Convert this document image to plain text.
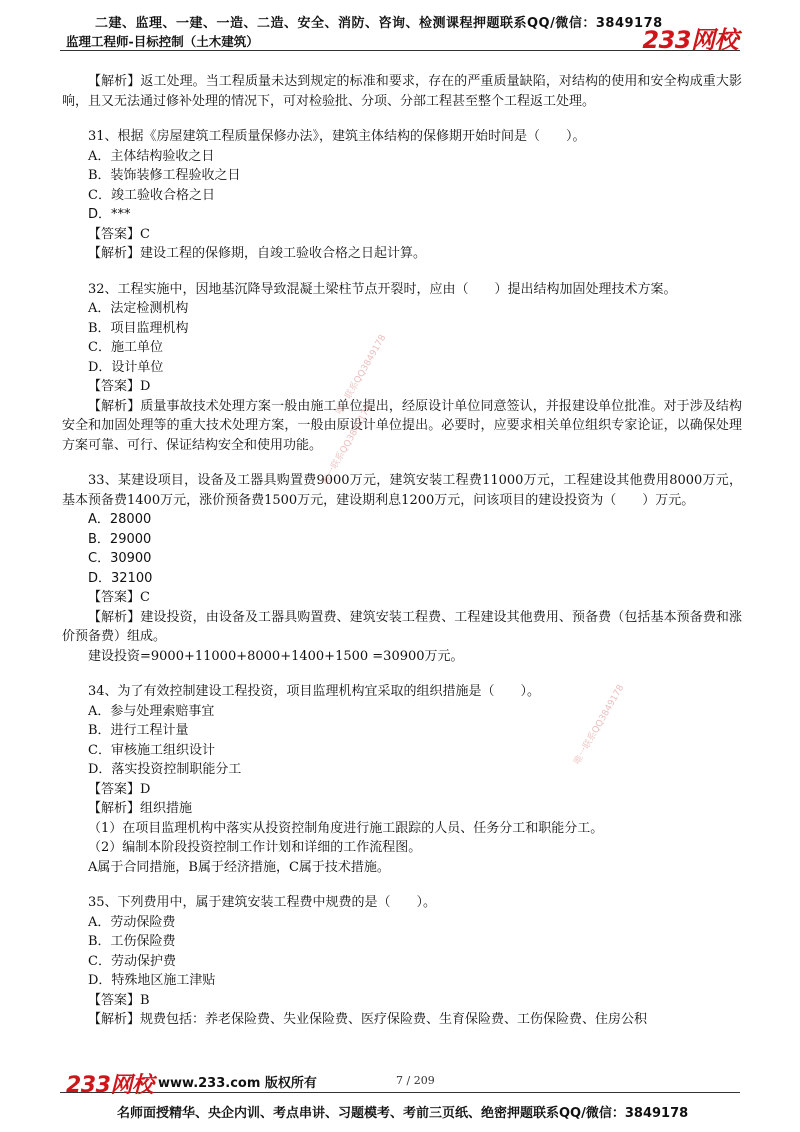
二建、监理、一建、一造、二造、安全、消防、咨询、检测课程押题联系QQ/微信：3849178
监理工程师-目标控制（土木建筑）	233网校
【解析】返工处理。当工程质量未达到规定的标准和要求，存在的严重质量缺陷，对结构的使用和安全构成重大影响，且又无法通过修补处理的情况下，可对检验批、分项、分部工程甚至整个工程返工处理。
31、根据《房屋建筑工程质量保修办法》，建筑主体结构的保修期开始时间是（　　）。
A．主体结构验收之日
B．装饰装修工程验收之日
C．竣工验收合格之日
D．***
【答案】C
【解析】建设工程的保修期，自竣工验收合格之日起计算。
32、工程实施中，因地基沉降导致混凝土梁柱节点开裂时，应由（　　）提出结构加固处理技术方案。
A．法定检测机构
B．项目监理机构
C．施工单位
D．设计单位
【答案】D
【解析】质量事故技术处理方案一般由施工单位提出，经原设计单位同意签认，并报建设单位批准。对于涉及结构安全和加固处理等的重大技术处理方案，一般由原设计单位提出。必要时，应要求相关单位组织专家论证，以确保处理方案可靠、可行、保证结构安全和使用功能。
33、某建设项目，设备及工器具购置费9000万元，建筑安装工程费11000万元，工程建设其他费用8000万元，基本预备费1400万元，涨价预备费1500万元，建设期利息1200万元，问该项目的建设投资为（　　）万元。
A．28000
B．29000
C．30900
D．32100
【答案】C
【解析】建设投资，由设备及工器具购置费、建筑安装工程费、工程建设其他费用、预备费（包括基本预备费和涨价预备费）组成。
建设投资=9000+11000+8000+1400+1500 =30900万元。
34、为了有效控制建设工程投资，项目监理机构宜采取的组织措施是（　　）。
A．参与处理索赔事宜
B．进行工程计量
C．审核施工组织设计
D．落实投资控制职能分工
【答案】D
【解析】组织措施
（1）在项目监理机构中落实从投资控制角度进行施工跟踪的人员、任务分工和职能分工。
（2）编制本阶段投资控制工作计划和详细的工作流程图。
A属于合同措施，B属于经济措施，C属于技术措施。
35、下列费用中，属于建筑安装工程费中规费的是（　　）。
A．劳动保险费
B．工伤保险费
C．劳动保护费
D．特殊地区施工津贴
【答案】B
【解析】规费包括：养老保险费、失业保险费、医疗保险费、生育保险费、工伤保险费、住房公积
唯一联系QQ3849178
唯一联系QQ3849178
唯一联系QQ3849178
www.233.com 版权所有	7 / 209
名师面授精华、央企内训、考点串讲、习题模考、考前三页纸、绝密押题联系QQ/微信：3849178
233网校
